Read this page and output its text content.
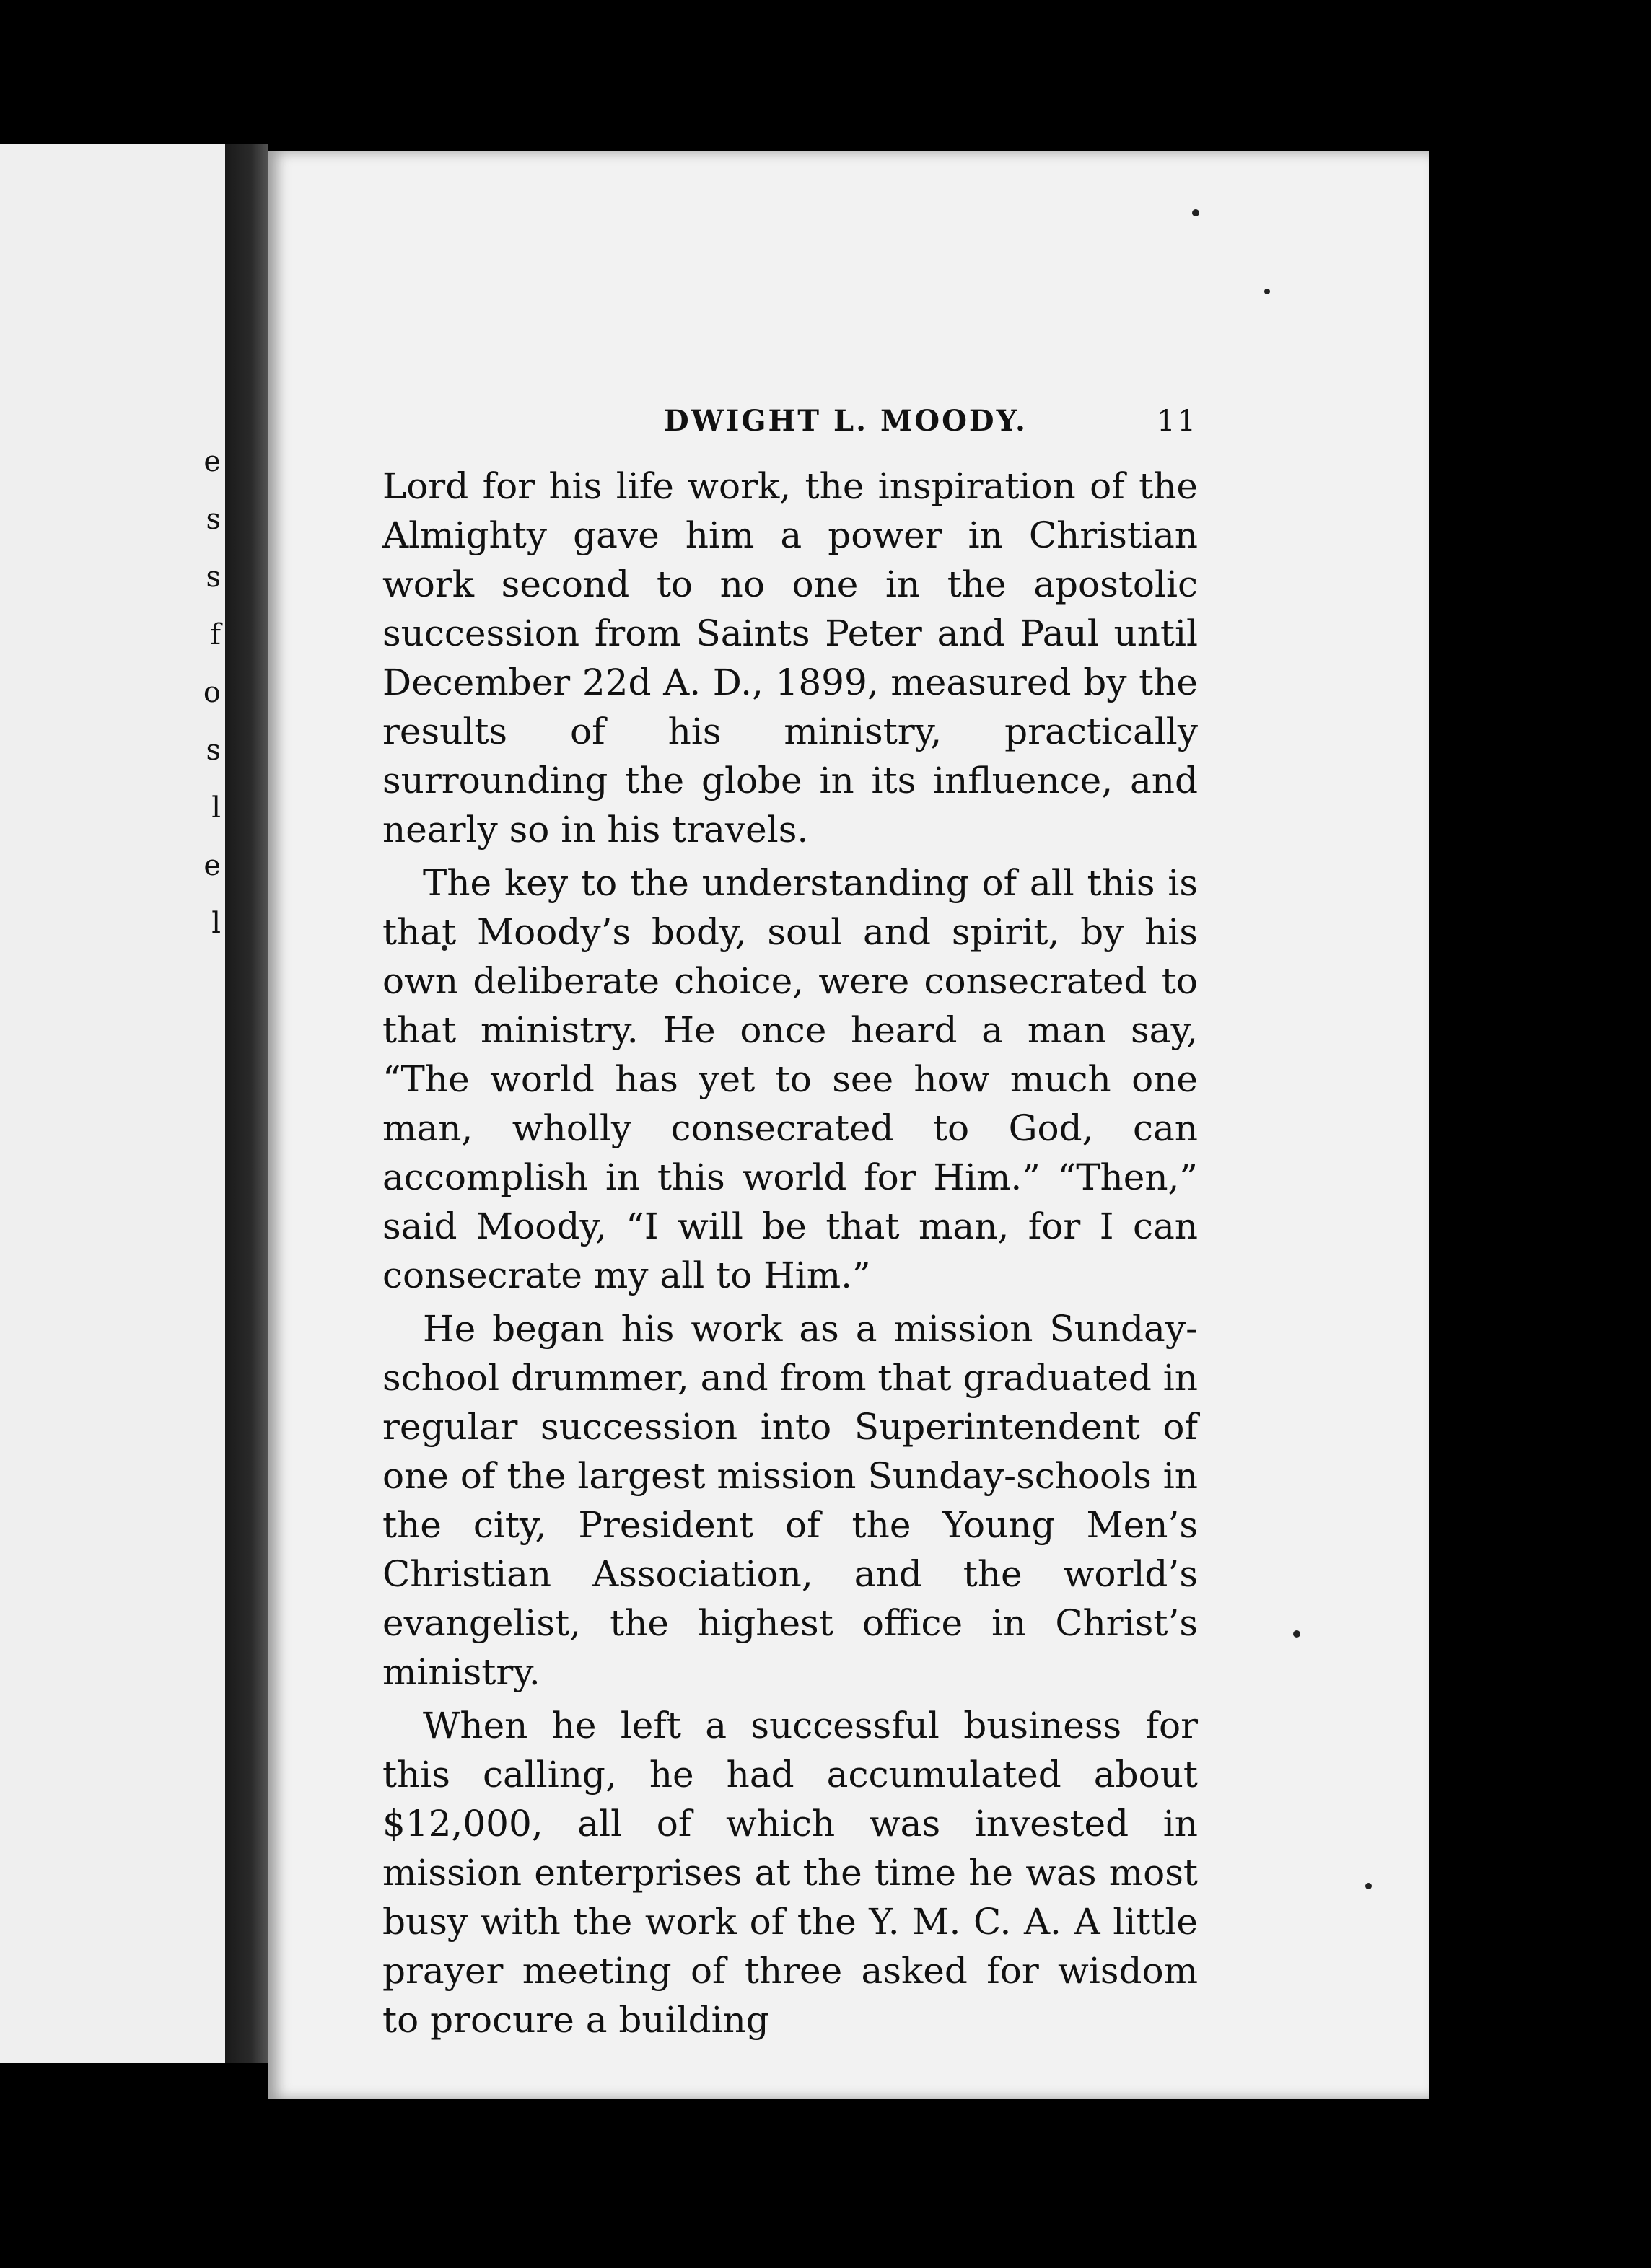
e
s
s
f
o
s
l
e
l
DWIGHT L. MOODY.	11

Lord for his life work, the inspiration of the Almighty gave him a power in Christian work second to no one in the apostolic succession from Saints Peter and Paul until December 22d A. D., 1899, measured by the results of his ministry, practically surrounding the globe in its influence, and nearly so in his travels.

The key to the understanding of all this is that Moody’s body, soul and spirit, by his own deliberate choice, were consecrated to that ministry. He once heard a man say, “The world has yet to see how much one man, wholly consecrated to God, can accomplish in this world for Him.” “Then,” said Moody, “I will be that man, for I can consecrate my all to Him.”

He began his work as a mission Sunday-school drummer, and from that graduated in regular succession into Superintendent of one of the largest mission Sunday-schools in the city, President of the Young Men’s Christian Association, and the world’s evangelist, the highest office in Christ’s ministry.

When he left a successful business for this calling, he had accumulated about $12,000, all of which was invested in mission enterprises at the time he was most busy with the work of the Y. M. C. A. A little prayer meeting of three asked for wisdom to procure a building
